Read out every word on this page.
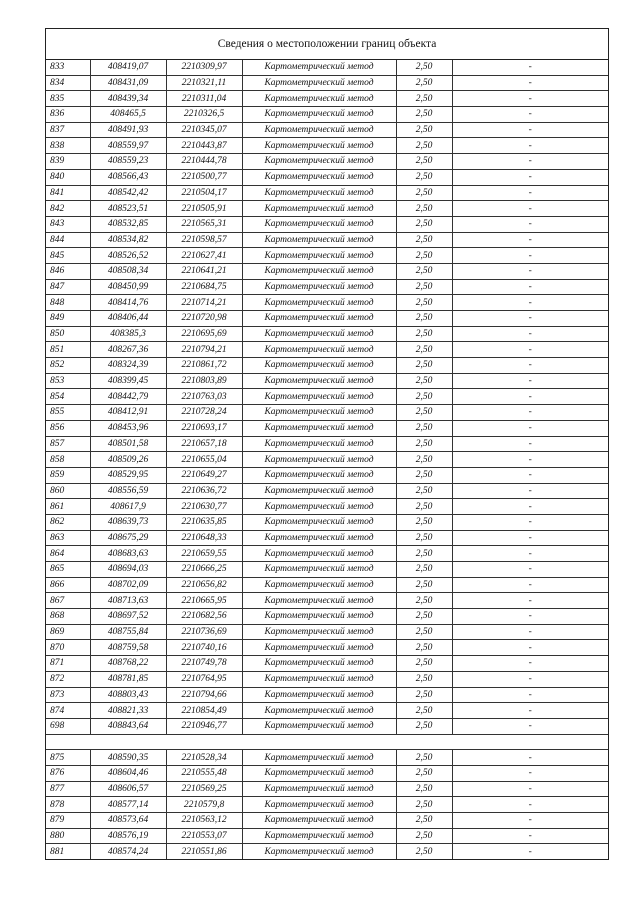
Сведения о местоположении границ объекта
833	408419,07	2210309,97	Картометрический метод	2,50	-
834	408431,09	2210321,11	Картометрический метод	2,50	-
835	408439,34	2210311,04	Картометрический метод	2,50	-
836	408465,5	2210326,5	Картометрический метод	2,50	-
837	408491,93	2210345,07	Картометрический метод	2,50	-
838	408559,97	2210443,87	Картометрический метод	2,50	-
839	408559,23	2210444,78	Картометрический метод	2,50	-
840	408566,43	2210500,77	Картометрический метод	2,50	-
841	408542,42	2210504,17	Картометрический метод	2,50	-
842	408523,51	2210505,91	Картометрический метод	2,50	-
843	408532,85	2210565,31	Картометрический метод	2,50	-
844	408534,82	2210598,57	Картометрический метод	2,50	-
845	408526,52	2210627,41	Картометрический метод	2,50	-
846	408508,34	2210641,21	Картометрический метод	2,50	-
847	408450,99	2210684,75	Картометрический метод	2,50	-
848	408414,76	2210714,21	Картометрический метод	2,50	-
849	408406,44	2210720,98	Картометрический метод	2,50	-
850	408385,3	2210695,69	Картометрический метод	2,50	-
851	408267,36	2210794,21	Картометрический метод	2,50	-
852	408324,39	2210861,72	Картометрический метод	2,50	-
853	408399,45	2210803,89	Картометрический метод	2,50	-
854	408442,79	2210763,03	Картометрический метод	2,50	-
855	408412,91	2210728,24	Картометрический метод	2,50	-
856	408453,96	2210693,17	Картометрический метод	2,50	-
857	408501,58	2210657,18	Картометрический метод	2,50	-
858	408509,26	2210655,04	Картометрический метод	2,50	-
859	408529,95	2210649,27	Картометрический метод	2,50	-
860	408556,59	2210636,72	Картометрический метод	2,50	-
861	408617,9	2210630,77	Картометрический метод	2,50	-
862	408639,73	2210635,85	Картометрический метод	2,50	-
863	408675,29	2210648,33	Картометрический метод	2,50	-
864	408683,63	2210659,55	Картометрический метод	2,50	-
865	408694,03	2210666,25	Картометрический метод	2,50	-
866	408702,09	2210656,82	Картометрический метод	2,50	-
867	408713,63	2210665,95	Картометрический метод	2,50	-
868	408697,52	2210682,56	Картометрический метод	2,50	-
869	408755,84	2210736,69	Картометрический метод	2,50	-
870	408759,58	2210740,16	Картометрический метод	2,50	-
871	408768,22	2210749,78	Картометрический метод	2,50	-
872	408781,85	2210764,95	Картометрический метод	2,50	-
873	408803,43	2210794,66	Картометрический метод	2,50	-
874	408821,33	2210854,49	Картометрический метод	2,50	-
698	408843,64	2210946,77	Картометрический метод	2,50	-

875	408590,35	2210528,34	Картометрический метод	2,50	-
876	408604,46	2210555,48	Картометрический метод	2,50	-
877	408606,57	2210569,25	Картометрический метод	2,50	-
878	408577,14	2210579,8	Картометрический метод	2,50	-
879	408573,64	2210563,12	Картометрический метод	2,50	-
880	408576,19	2210553,07	Картометрический метод	2,50	-
881	408574,24	2210551,86	Картометрический метод	2,50	-
